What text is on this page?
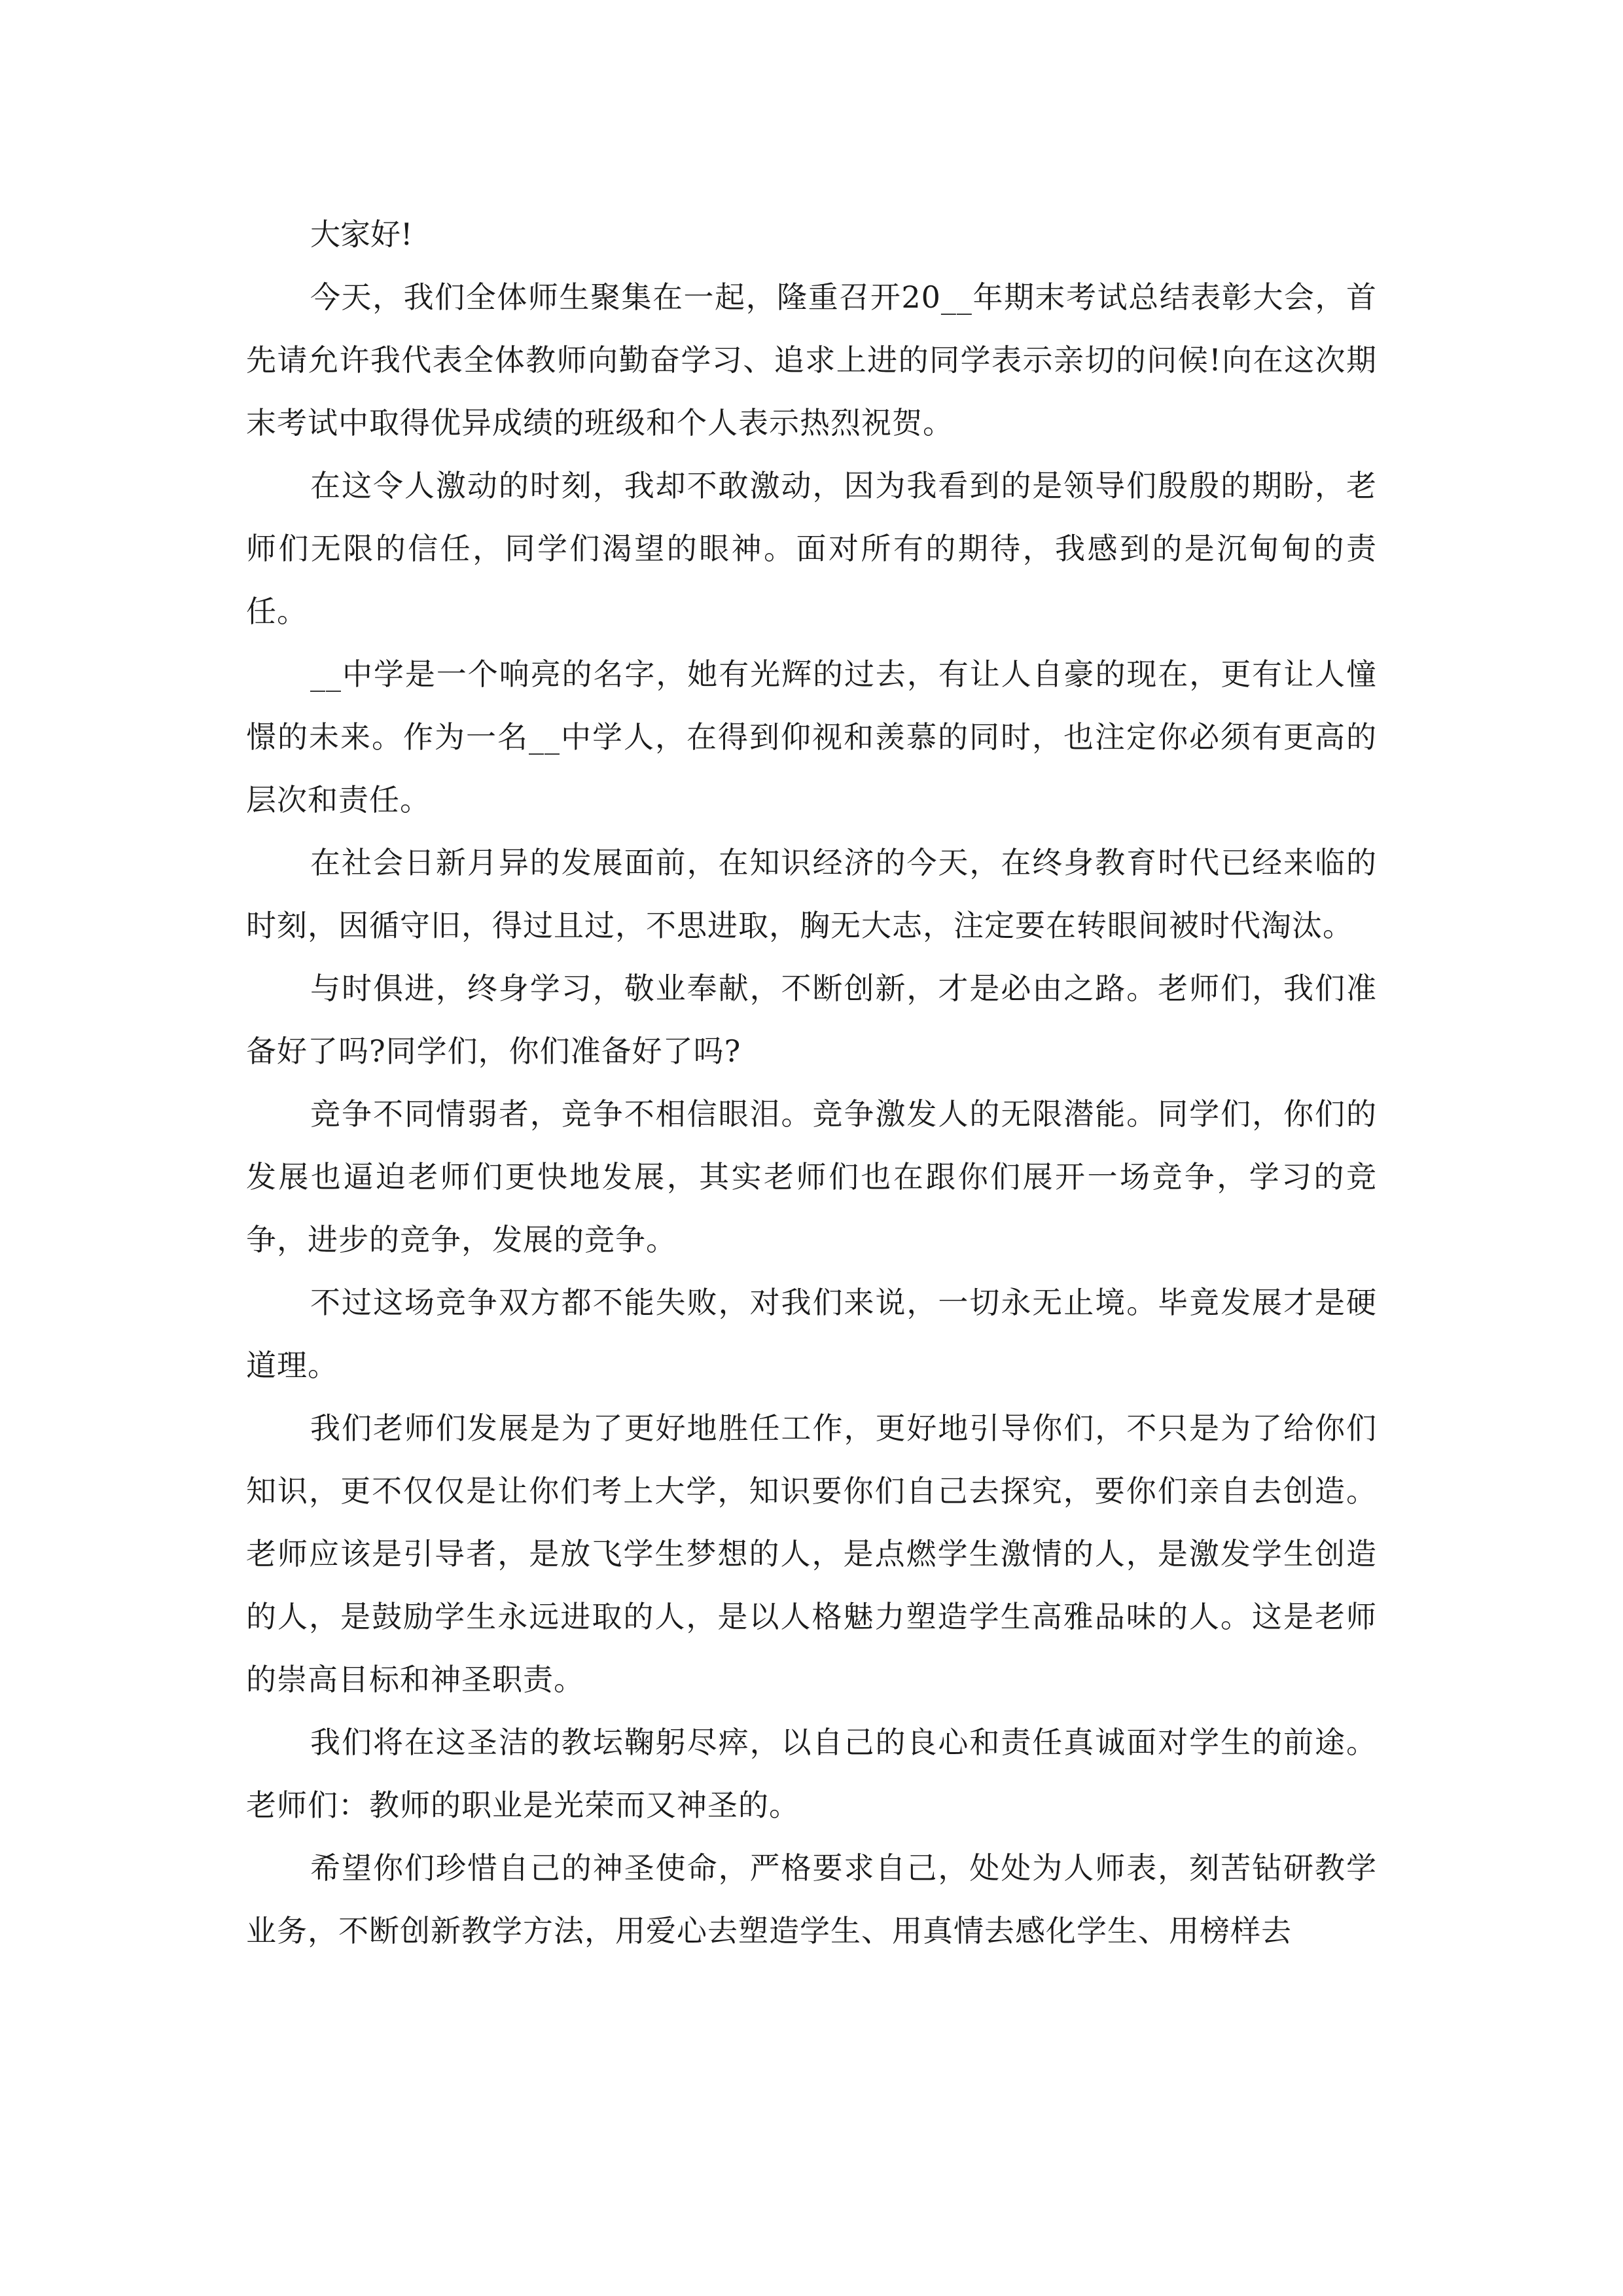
大家好!

今天，我们全体师生聚集在一起，隆重召开20__年期末考试总结表彰大会，首先请允许我代表全体教师向勤奋学习、追求上进的同学表示亲切的问候!向在这次期末考试中取得优异成绩的班级和个人表示热烈祝贺。

在这令人激动的时刻，我却不敢激动，因为我看到的是领导们殷殷的期盼，老师们无限的信任，同学们渴望的眼神。面对所有的期待，我感到的是沉甸甸的责任。

__中学是一个响亮的名字，她有光辉的过去，有让人自豪的现在，更有让人憧憬的未来。作为一名__中学人，在得到仰视和羡慕的同时，也注定你必须有更高的层次和责任。

在社会日新月异的发展面前，在知识经济的今天，在终身教育时代已经来临的时刻，因循守旧，得过且过，不思进取，胸无大志，注定要在转眼间被时代淘汰。

与时俱进，终身学习，敬业奉献，不断创新，才是必由之路。老师们，我们准备好了吗?同学们，你们准备好了吗?

竞争不同情弱者，竞争不相信眼泪。竞争激发人的无限潜能。同学们，你们的发展也逼迫老师们更快地发展，其实老师们也在跟你们展开一场竞争，学习的竞争，进步的竞争，发展的竞争。

不过这场竞争双方都不能失败，对我们来说，一切永无止境。毕竟发展才是硬道理。

我们老师们发展是为了更好地胜任工作，更好地引导你们，不只是为了给你们知识，更不仅仅是让你们考上大学，知识要你们自己去探究，要你们亲自去创造。老师应该是引导者，是放飞学生梦想的人，是点燃学生激情的人，是激发学生创造的人，是鼓励学生永远进取的人，是以人格魅力塑造学生高雅品味的人。这是老师的崇高目标和神圣职责。

我们将在这圣洁的教坛鞠躬尽瘁，以自己的良心和责任真诚面对学生的前途。老师们：教师的职业是光荣而又神圣的。

希望你们珍惜自己的神圣使命，严格要求自己，处处为人师表，刻苦钻研教学业务，不断创新教学方法，用爱心去塑造学生、用真情去感化学生、用榜样去
